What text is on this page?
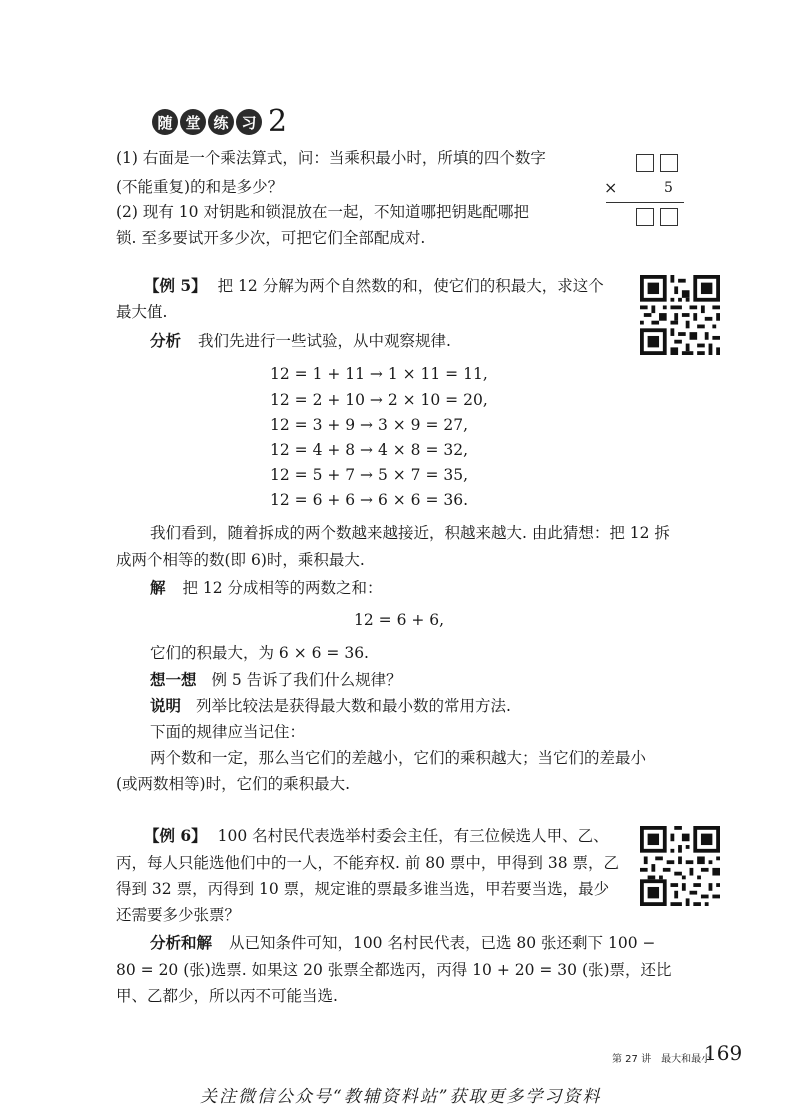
随 堂 练 习 2
(1) 右面是一个乘法算式，问：当乘积最小时，所填的四个数字
(不能重复)的和是多少？
(2) 现有 10 对钥匙和锁混放在一起，不知道哪把钥匙配哪把
锁. 至多要试开多少次，可把它们全部配成对.
×	5
【例 5】 把 12 分解为两个自然数的和，使它们的积最大，求这个
最大值.
分析 我们先进行一些试验，从中观察规律.
12 = 1 + 11 → 1 × 11 = 11,
12 = 2 + 10 → 2 × 10 = 20,
12 = 3 + 9 → 3 × 9 = 27,
12 = 4 + 8 → 4 × 8 = 32,
12 = 5 + 7 → 5 × 7 = 35,
12 = 6 + 6 → 6 × 6 = 36.
我们看到，随着拆成的两个数越来越接近，积越来越大. 由此猜想：把 12 拆
成两个相等的数(即 6)时，乘积最大.
解 把 12 分成相等的两数之和：
12 = 6 + 6,
它们的积最大，为 6 × 6 = 36.
想一想 例 5 告诉了我们什么规律？
说明 列举比较法是获得最大数和最小数的常用方法.
下面的规律应当记住：
两个数和一定，那么当它们的差越小，它们的乘积越大；当它们的差最小
(或两数相等)时，它们的乘积最大.
【例 6】 100 名村民代表选举村委会主任，有三位候选人甲、乙、
丙，每人只能选他们中的一人，不能弃权. 前 80 票中，甲得到 38 票，乙
得到 32 票，丙得到 10 票，规定谁的票最多谁当选，甲若要当选，最少
还需要多少张票？
分析和解 从已知条件可知，100 名村民代表，已选 80 张还剩下 100 −
80 = 20 (张)选票. 如果这 20 张票全都选丙，丙得 10 + 20 = 30 (张)票，还比
甲、乙都少，所以丙不可能当选.
第 27 讲　最大和最小
169
关注微信公众号“教辅资料站”获取更多学习资料
